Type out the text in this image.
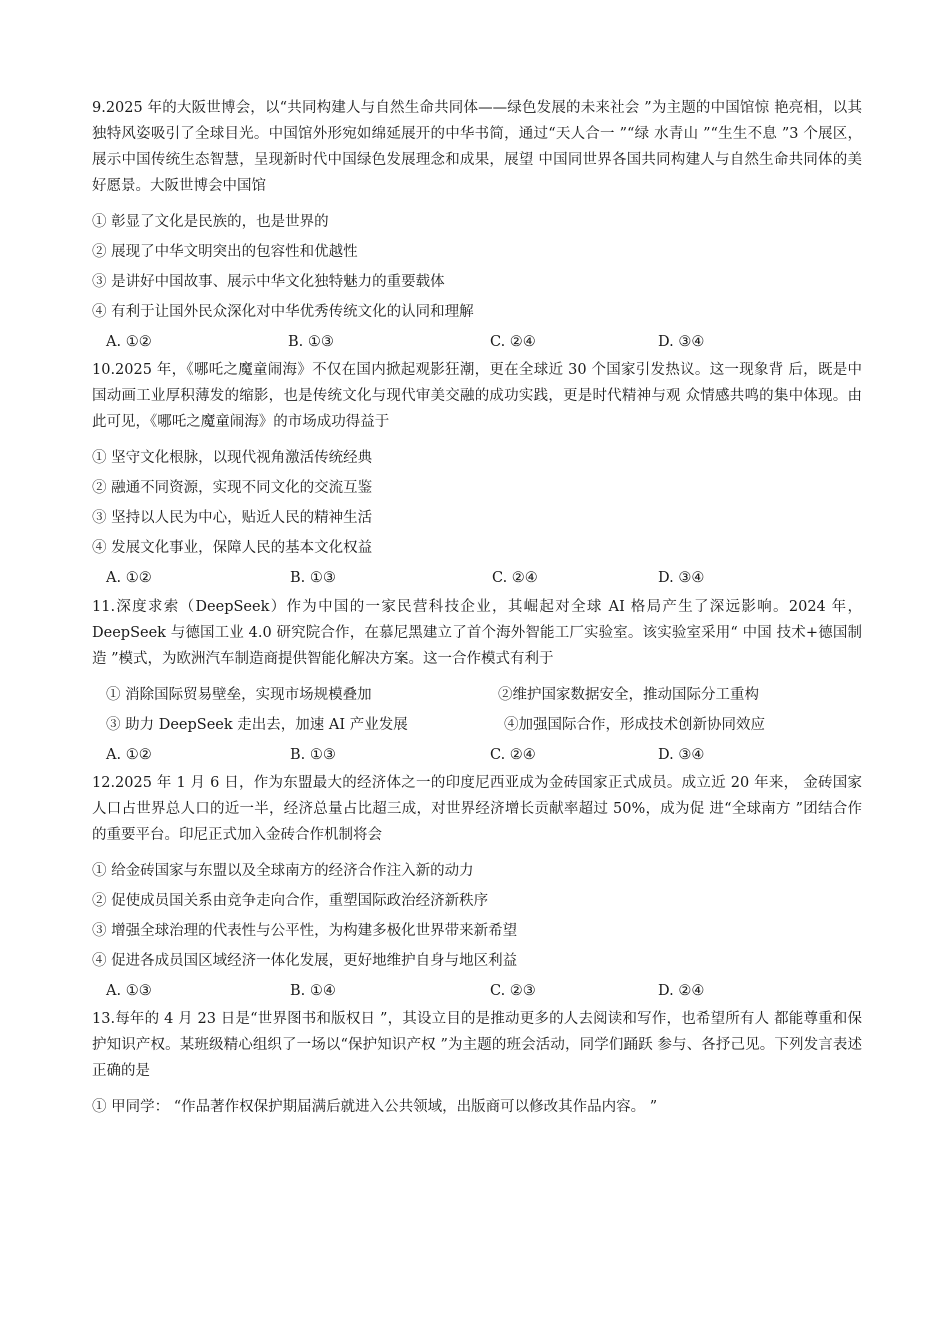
9.2025 年的大阪世博会，以“共同构建人与自然生命共同体——绿色发展的未来社会 ”为主题的中国馆惊 艳亮相，以其独特风姿吸引了全球目光。中国馆外形宛如绵延展开的中华书简，通过“天人合一 ”“绿 水青山 ”“生生不息 ”3 个展区，展示中国传统生态智慧，呈现新时代中国绿色发展理念和成果，展望 中国同世界各国共同构建人与自然生命共同体的美好愿景。大阪世博会中国馆

① 彰显了文化是民族的，也是世界的

② 展现了中华文明突出的包容性和优越性

③ 是讲好中国故事、展示中华文化独特魅力的重要载体

④ 有利于让国外民众深化对中华优秀传统文化的认同和理解

A. ①②	B. ①③	C. ②④	D. ③④

10.2025 年，《哪吒之魔童闹海》不仅在国内掀起观影狂潮，更在全球近 30 个国家引发热议。这一现象背 后，既是中国动画工业厚积薄发的缩影，也是传统文化与现代审美交融的成功实践，更是时代精神与观 众情感共鸣的集中体现。由此可见，《哪吒之魔童闹海》的市场成功得益于

① 坚守文化根脉，以现代视角激活传统经典

② 融通不同资源，实现不同文化的交流互鉴

③ 坚持以人民为中心，贴近人民的精神生活

④ 发展文化事业，保障人民的基本文化权益

A. ①②	B. ①③	C. ②④	D. ③④

11.深度求索（DeepSeek）作为中国的一家民营科技企业，其崛起对全球 AI 格局产生了深远影响。2024 年， DeepSeek 与德国工业 4.0 研究院合作，在慕尼黑建立了首个海外智能工厂实验室。该实验室采用“ 中国 技术+德国制造 ”模式，为欧洲汽车制造商提供智能化解决方案。这一合作模式有利于

① 消除国际贸易壁垒，实现市场规模叠加	②维护国家数据安全，推动国际分工重构
③ 助力 DeepSeek 走出去，加速 AI 产业发展	④加强国际合作，形成技术创新协同效应
A. ①②	B. ①③	C. ②④	D. ③④

12.2025 年 1 月 6 日，作为东盟最大的经济体之一的印度尼西亚成为金砖国家正式成员。成立近 20 年来， 金砖国家人口占世界总人口的近一半，经济总量占比超三成，对世界经济增长贡献率超过 50%，成为促 进“全球南方 ”团结合作的重要平台。印尼正式加入金砖合作机制将会

① 给金砖国家与东盟以及全球南方的经济合作注入新的动力

② 促使成员国关系由竞争走向合作，重塑国际政治经济新秩序

③ 增强全球治理的代表性与公平性，为构建多极化世界带来新希望

④ 促进各成员国区域经济一体化发展，更好地维护自身与地区利益

A. ①③	B. ①④	C. ②③	D. ②④

13.每年的 4 月 23 日是“世界图书和版权日 ”，其设立目的是推动更多的人去阅读和写作，也希望所有人 都能尊重和保护知识产权。某班级精心组织了一场以“保护知识产权 ”为主题的班会活动，同学们踊跃 参与、各抒己见。下列发言表述正确的是

① 甲同学： “作品著作权保护期届满后就进入公共领域，出版商可以修改其作品内容。 ”
